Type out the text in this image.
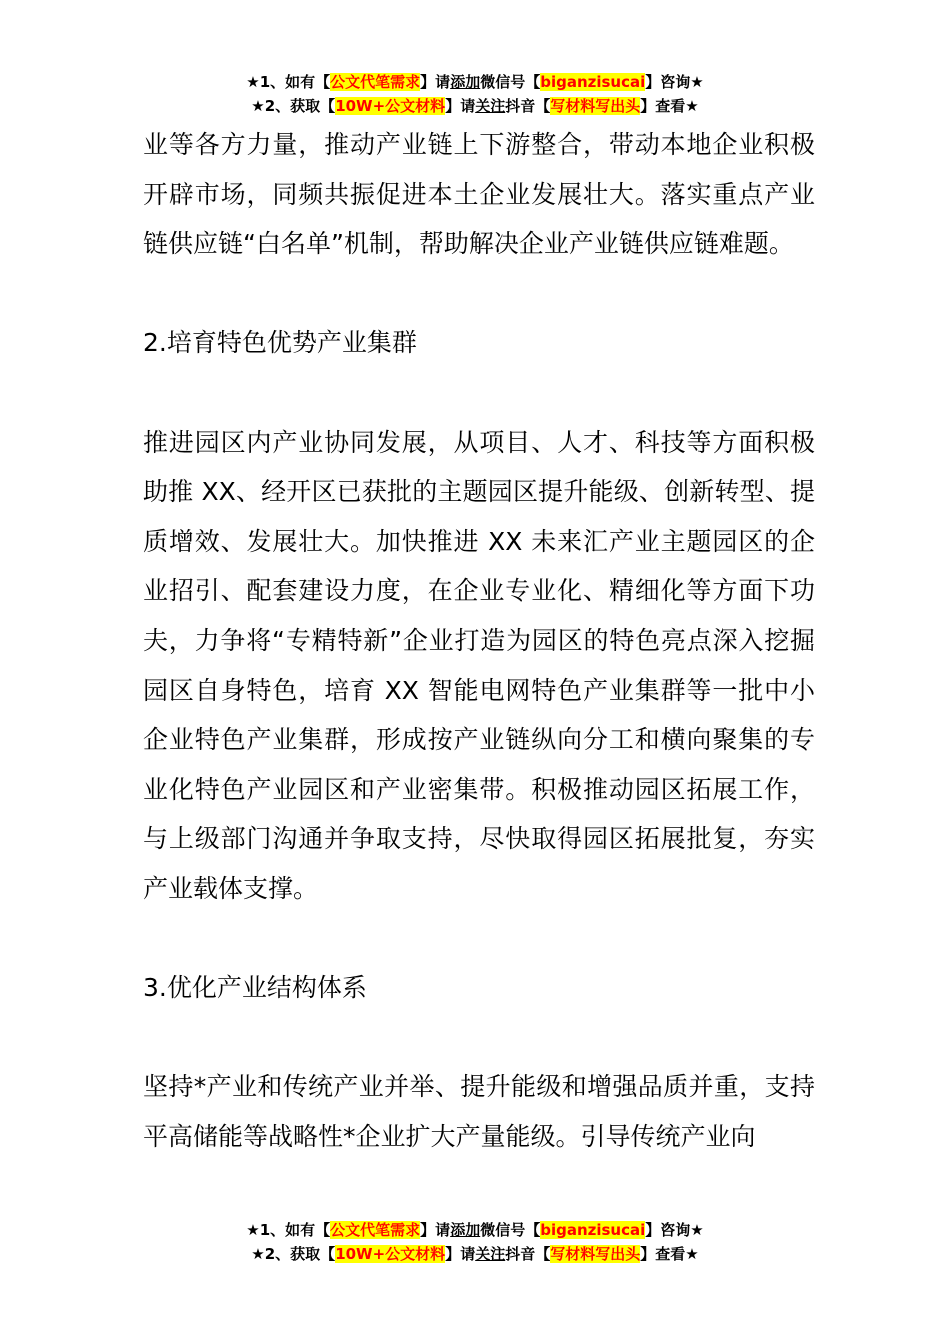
★1、如有【公文代笔需求】请添加微信号【biganzisucai】咨询★
★2、获取【10W+公文材料】请关注抖音【写材料写出头】查看★

业等各方力量，推动产业链上下游整合，带动本地企业积极开辟市场，同频共振促进本土企业发展壮大。落实重点产业链供应链“白名单”机制，帮助解决企业产业链供应链难题。

2.培育特色优势产业集群

推进园区内产业协同发展，从项目、人才、科技等方面积极助推 XX、经开区已获批的主题园区提升能级、创新转型、提质增效、发展壮大。加快推进 XX 未来汇产业主题园区的企业招引、配套建设力度，在企业专业化、精细化等方面下功夫，力争将“专精特新”企业打造为园区的特色亮点深入挖掘园区自身特色，培育 XX 智能电网特色产业集群等一批中小企业特色产业集群，形成按产业链纵向分工和横向聚集的专业化特色产业园区和产业密集带。积极推动园区拓展工作，与上级部门沟通并争取支持，尽快取得园区拓展批复，夯实产业载体支撑。

3.优化产业结构体系

坚持*产业和传统产业并举、提升能级和增强品质并重，支持平高储能等战略性*企业扩大产量能级。引导传统产业向

★1、如有【公文代笔需求】请添加微信号【biganzisucai】咨询★
★2、获取【10W+公文材料】请关注抖音【写材料写出头】查看★
